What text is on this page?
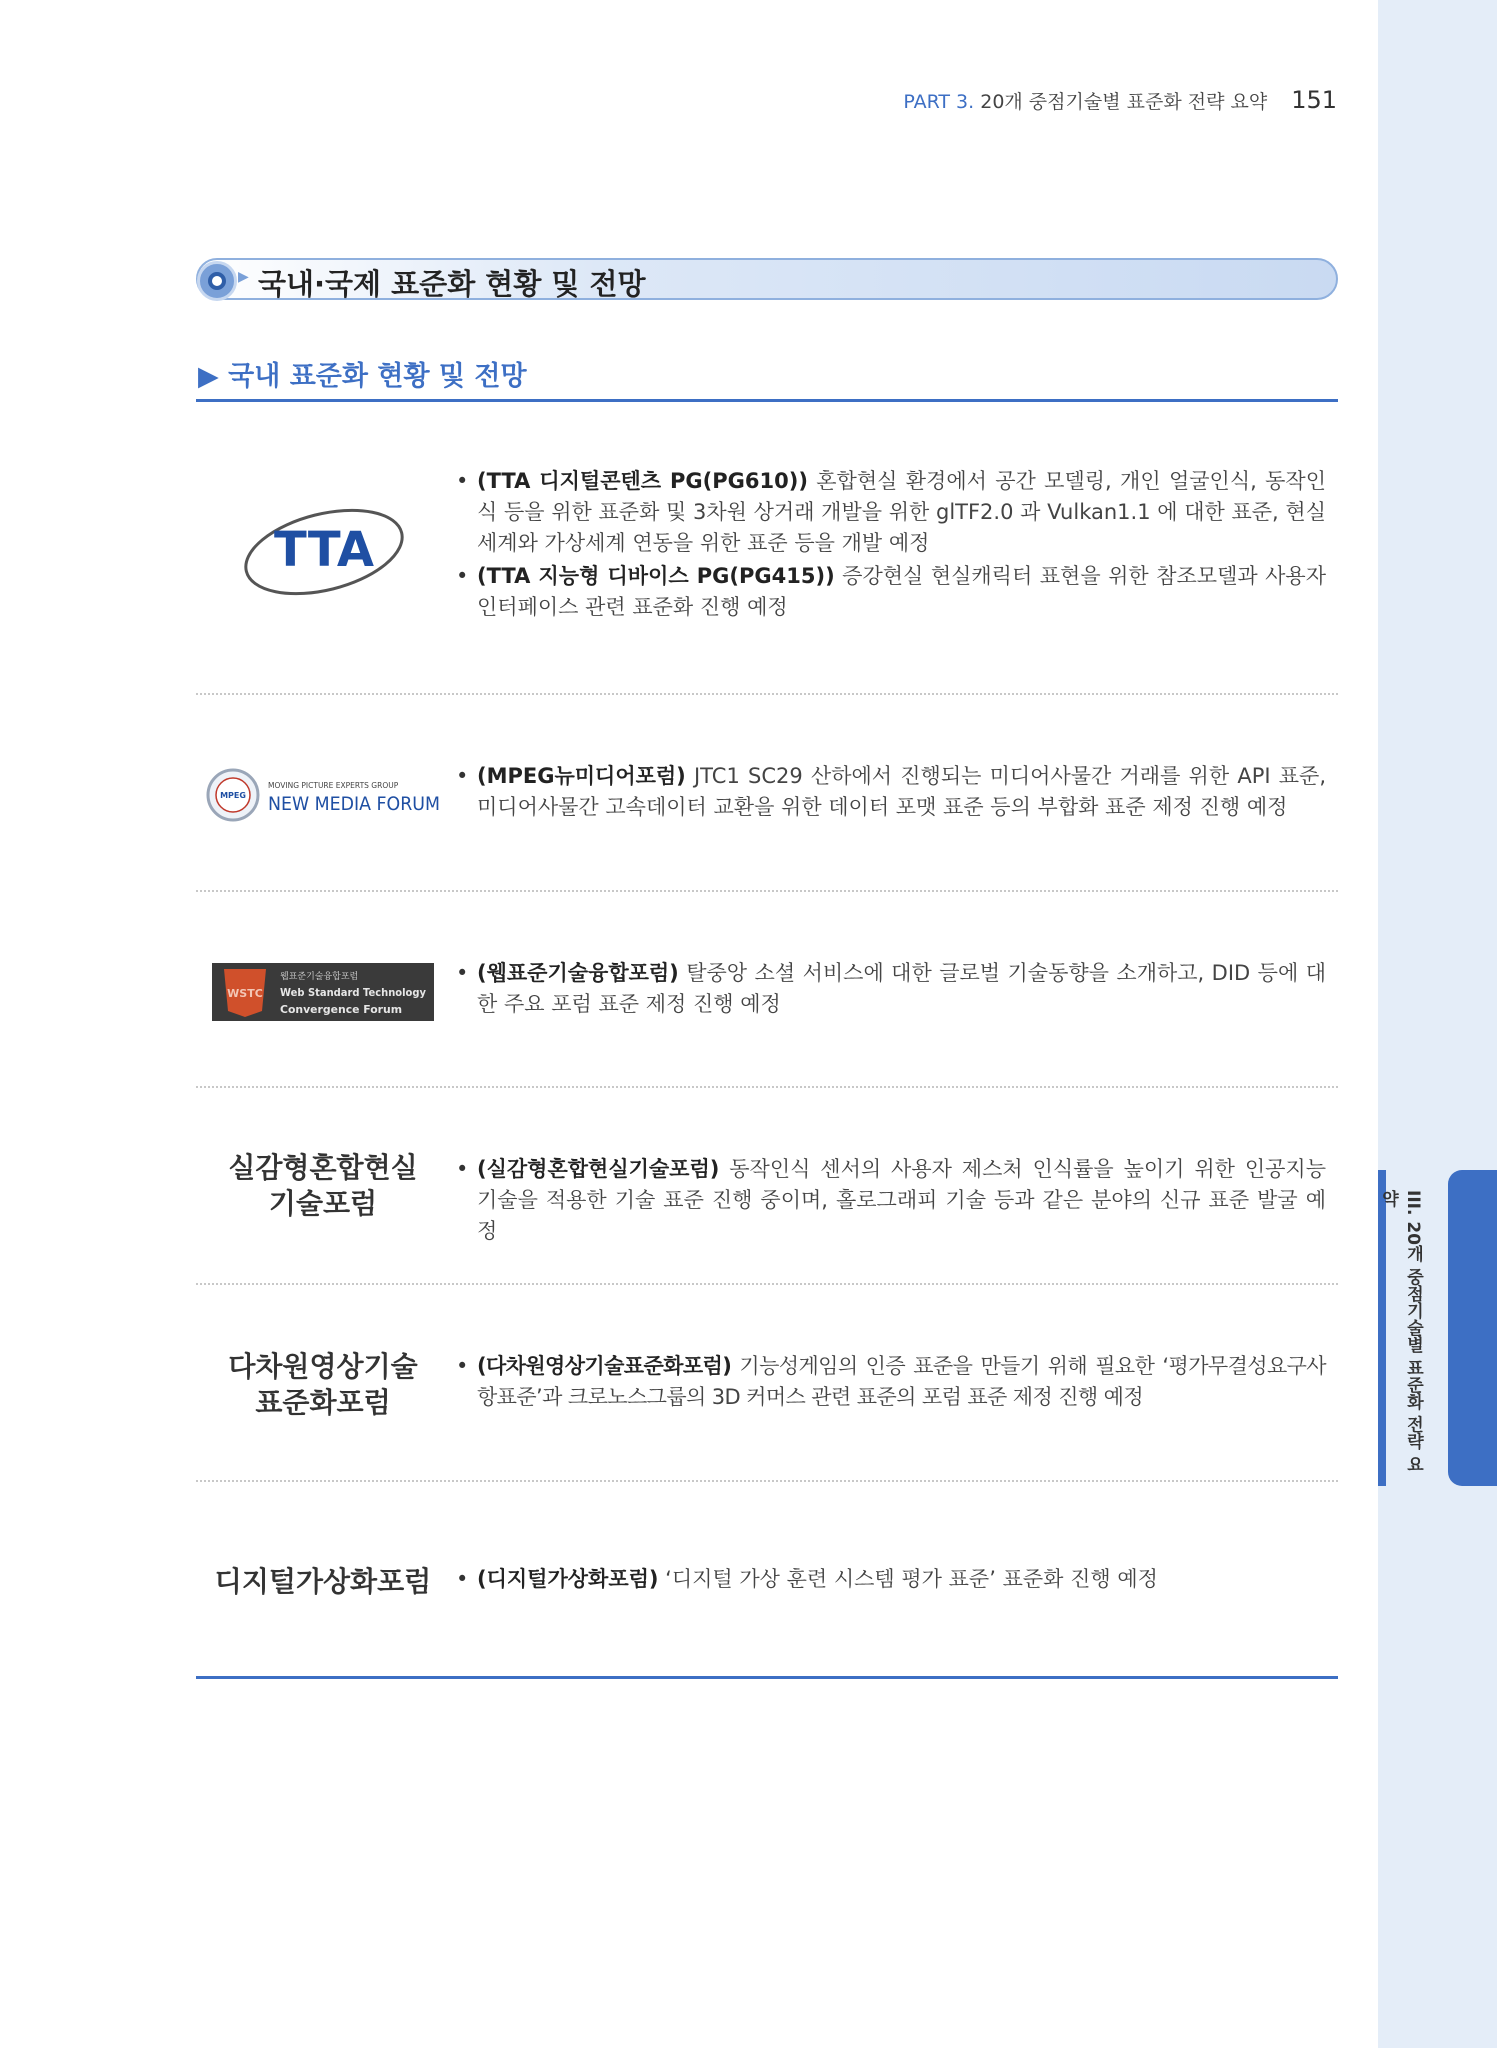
III. 20개 중점기술별 표준화 전략 요약
PART 3. 20개 중점기술별 표준화 전략 요약 151
▶ 국내·국제 표준화 현황 및 전망
▶ 국내 표준화 현황 및 전망
TTA
• (TTA 디지털콘텐츠 PG(PG610)) 혼합현실 환경에서 공간 모델링, 개인 얼굴인식, 동작인식 등을 위한 표준화 및 3차원 상거래 개발을 위한 glTF2.0 과 Vulkan1.1 에 대한 표준, 현실세계와 가상세계 연동을 위한 표준 등을 개발 예정
• (TTA 지능형 디바이스 PG(PG415)) 증강현실 현실캐릭터 표현을 위한 참조모델과 사용자 인터페이스 관련 표준화 진행 예정
MPEG
MOVING PICTURE EXPERTS GROUP
NEW MEDIA FORUM
• (MPEG뉴미디어포럼) JTC1 SC29 산하에서 진행되는 미디어사물간 거래를 위한 API 표준, 미디어사물간 고속데이터 교환을 위한 데이터 포맷 표준 등의 부합화 표준 제정 진행 예정
WSTC
웹표준기술융합포럼
Web Standard Technology
Convergence Forum
• (웹표준기술융합포럼) 탈중앙 소셜 서비스에 대한 글로벌 기술동향을 소개하고, DID 등에 대한 주요 포럼 표준 제정 진행 예정
실감형혼합현실
기술포럼
• (실감형혼합현실기술포럼) 동작인식 센서의 사용자 제스처 인식률을 높이기 위한 인공지능 기술을 적용한 기술 표준 진행 중이며, 홀로그래피 기술 등과 같은 분야의 신규 표준 발굴 예정
다차원영상기술
표준화포럼
• (다차원영상기술표준화포럼) 기능성게임의 인증 표준을 만들기 위해 필요한 ‘평가무결성요구사항표준’과 크로노스그룹의 3D 커머스 관련 표준의 포럼 표준 제정 진행 예정
디지털가상화포럼
•	(디지털가상화포럼) ‘디지털 가상 훈련 시스템 평가 표준’ 표준화 진행 예정
